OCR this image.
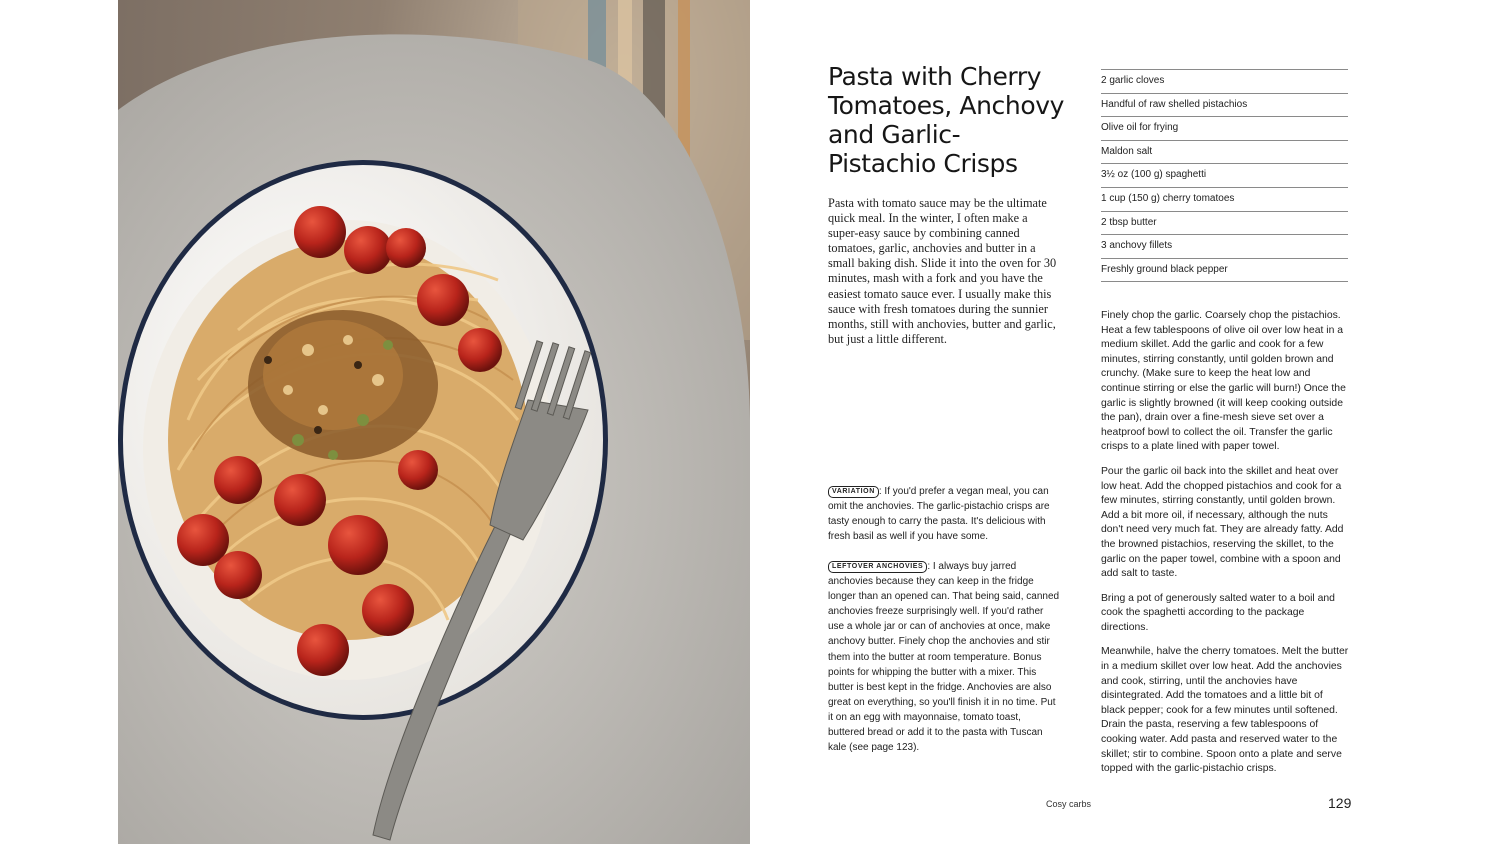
Pasta with Cherry Tomatoes, Anchovy and Garlic-Pistachio Crisps

Pasta with tomato sauce may be the ultimate quick meal. In the winter, I often make a super-easy sauce by combining canned tomatoes, garlic, anchovies and butter in a small baking dish. Slide it into the oven for 30 minutes, mash with a fork and you have the easiest tomato sauce ever. I usually make this sauce with fresh tomatoes during the sunnier months, still with anchovies, butter and garlic, but just a little different.

VARIATION : If you'd prefer a vegan meal, you can omit the anchovies. The garlic-pistachio crisps are tasty enough to carry the pasta. It's delicious with fresh basil as well if you have some.

LEFTOVER ANCHOVIES : I always buy jarred anchovies because they can keep in the fridge longer than an opened can. That being said, canned anchovies freeze surprisingly well. If you'd rather use a whole jar or can of anchovies at once, make anchovy butter. Finely chop the anchovies and stir them into the butter at room temperature. Bonus points for whipping the butter with a mixer. This butter is best kept in the fridge. Anchovies are also great on everything, so you'll finish it in no time. Put it on an egg with mayonnaise, tomato toast, buttered bread or add it to the pasta with Tuscan kale (see page 123).

2 garlic cloves
Handful of raw shelled pistachios
Olive oil for frying
Maldon salt
3½ oz (100 g) spaghetti
1 cup (150 g) cherry tomatoes
2 tbsp butter
3 anchovy fillets
Freshly ground black pepper

Finely chop the garlic. Coarsely chop the pistachios. Heat a few tablespoons of olive oil over low heat in a medium skillet. Add the garlic and cook for a few minutes, stirring constantly, until golden brown and crunchy. (Make sure to keep the heat low and continue stirring or else the garlic will burn!) Once the garlic is slightly browned (it will keep cooking outside the pan), drain over a fine-mesh sieve set over a heatproof bowl to collect the oil. Transfer the garlic crisps to a plate lined with paper towel.

Pour the garlic oil back into the skillet and heat over low heat. Add the chopped pistachios and cook for a few minutes, stirring constantly, until golden brown. Add a bit more oil, if necessary, although the nuts don't need very much fat. They are already fatty. Add the browned pistachios, reserving the skillet, to the garlic on the paper towel, combine with a spoon and add salt to taste.

Bring a pot of generously salted water to a boil and cook the spaghetti according to the package directions.

Meanwhile, halve the cherry tomatoes. Melt the butter in a medium skillet over low heat. Add the anchovies and cook, stirring, until the anchovies have disintegrated. Add the tomatoes and a little bit of black pepper; cook for a few minutes until softened. Drain the pasta, reserving a few tablespoons of cooking water. Add pasta and reserved water to the skillet; stir to combine. Spoon onto a plate and serve topped with the garlic-pistachio crisps.

Cosy carbs	129
